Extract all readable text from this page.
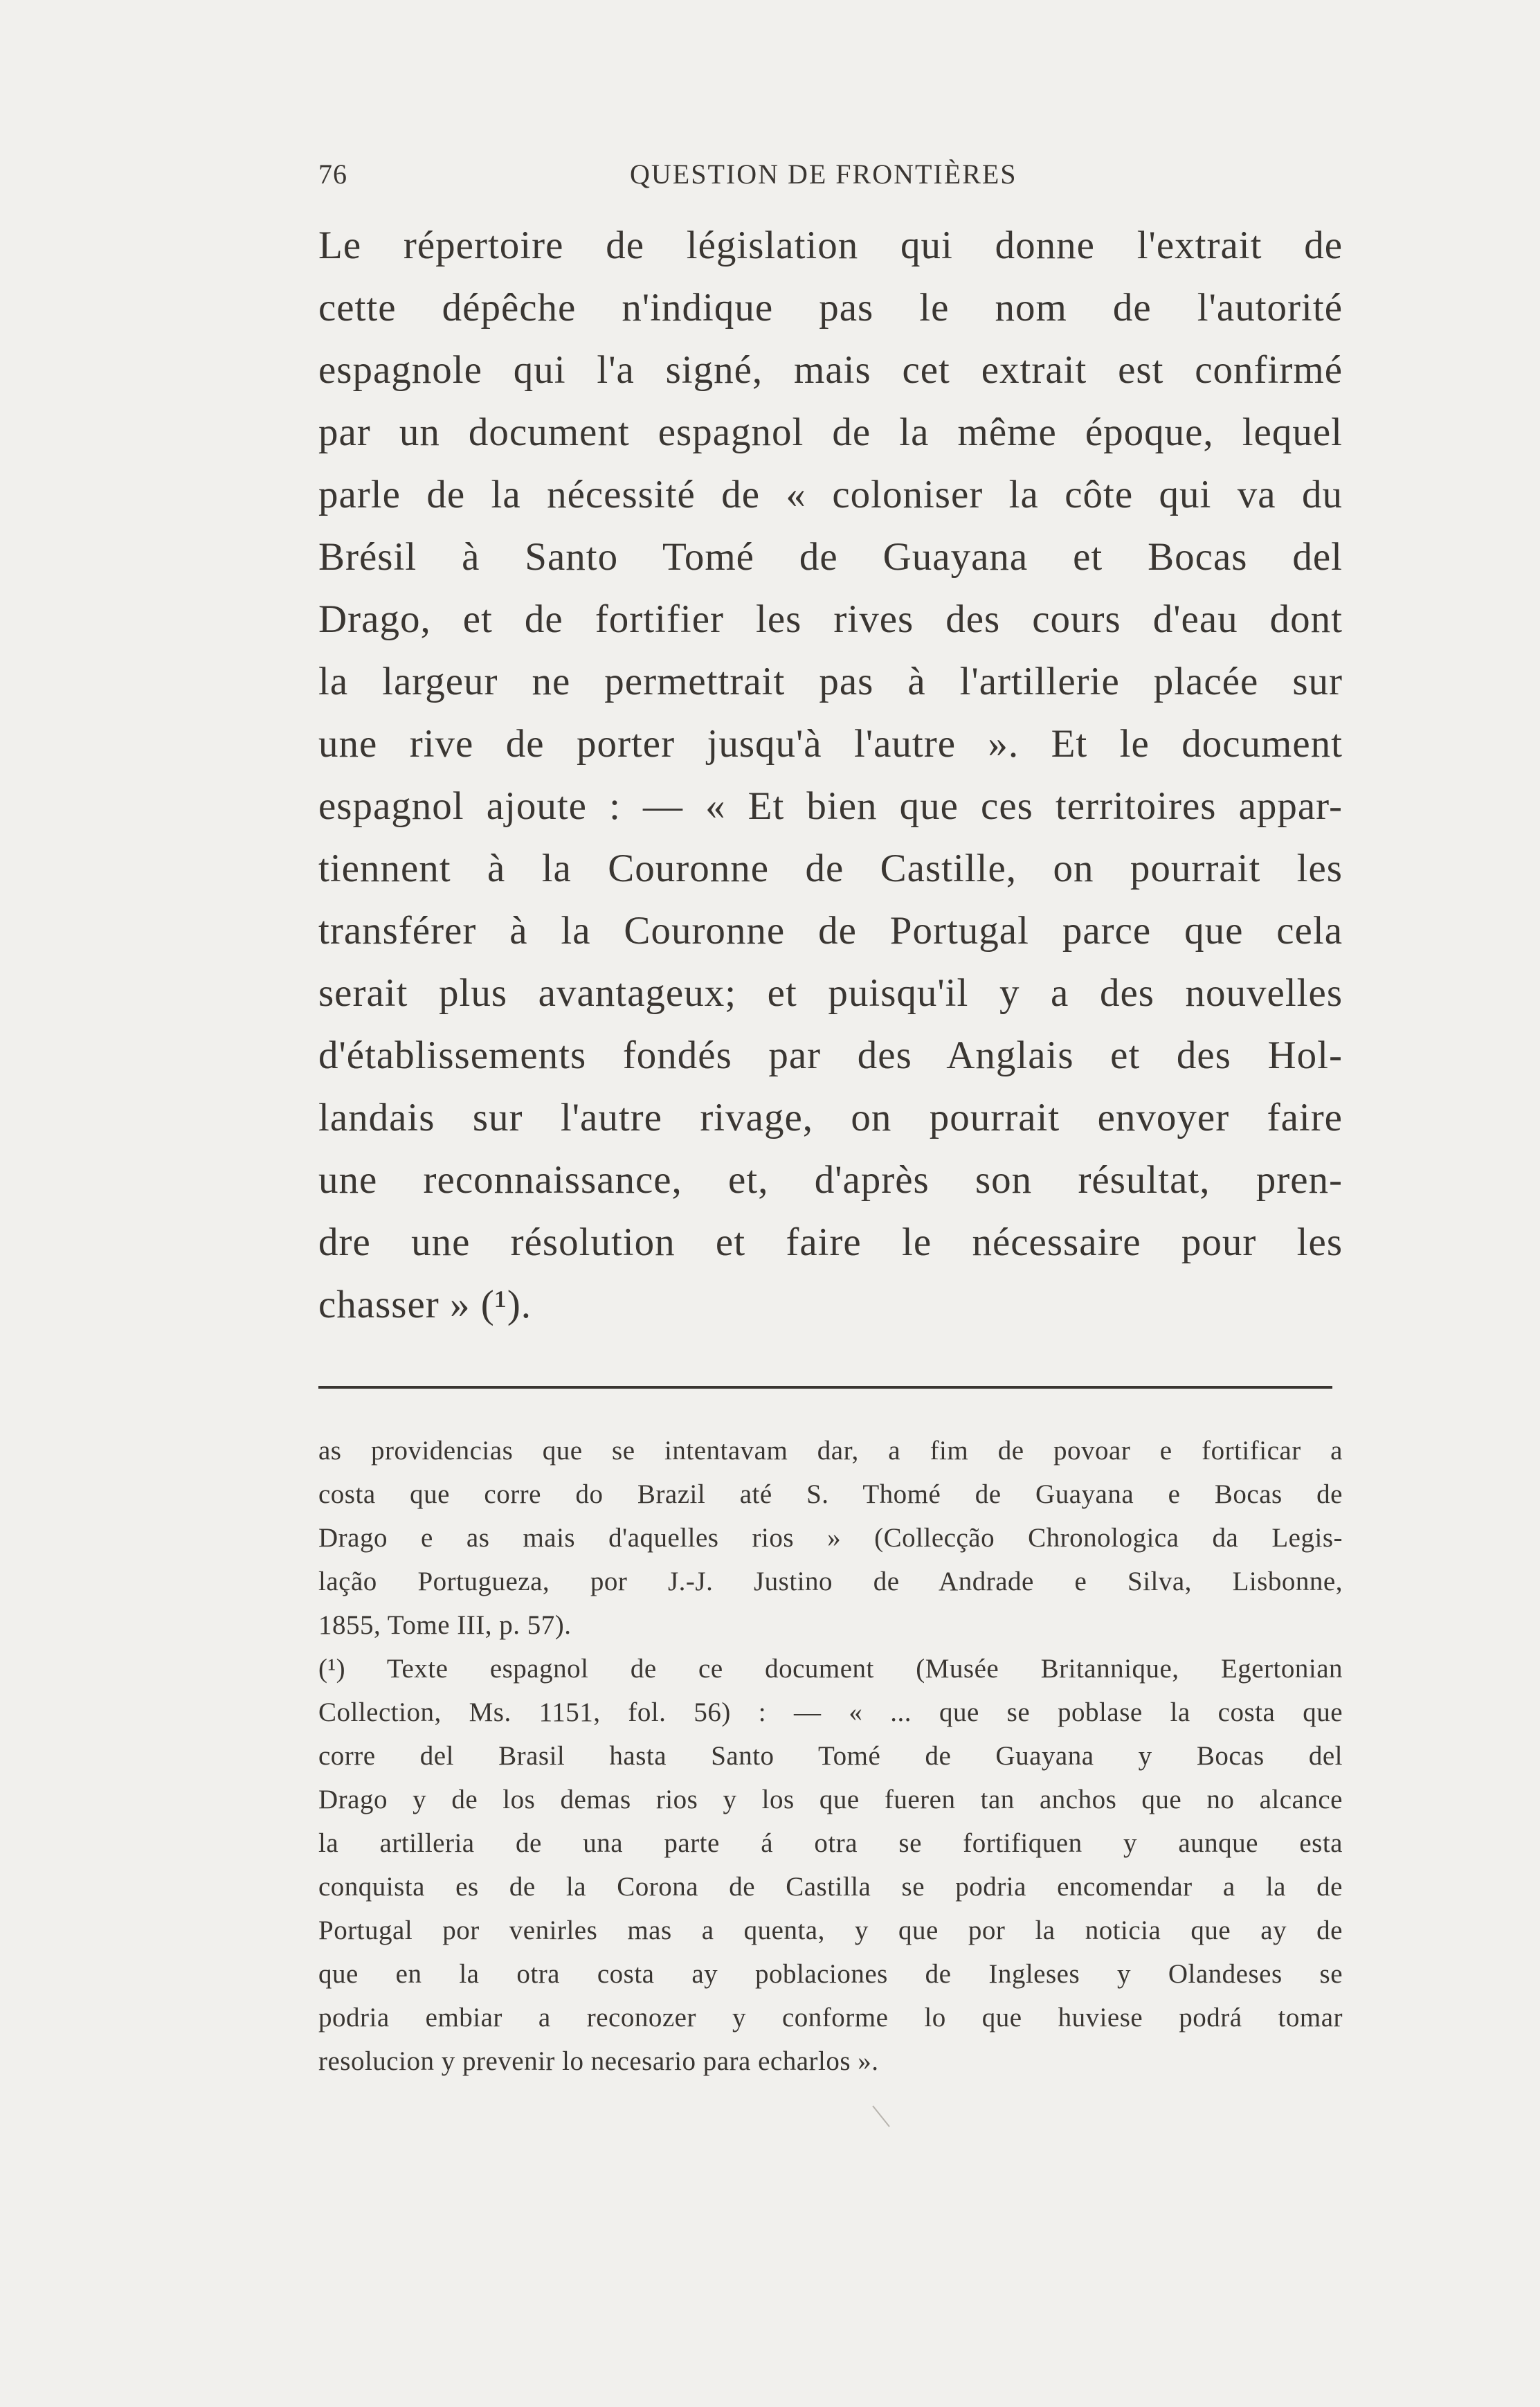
76	QUESTION DE FRONTIÈRES
Le répertoire de législation qui donne l'extrait de
cette dépêche n'indique pas le nom de l'autorité
espagnole qui l'a signé, mais cet extrait est confirmé
par un document espagnol de la même époque, lequel
parle de la nécessité de « coloniser la côte qui va du
Brésil à Santo Tomé de Guayana et Bocas del
Drago, et de fortifier les rives des cours d'eau dont
la largeur ne permettrait pas à l'artillerie placée sur
une rive de porter jusqu'à l'autre ». Et le document
espagnol ajoute : — « Et bien que ces territoires appar-
tiennent à la Couronne de Castille, on pourrait les
transférer à la Couronne de Portugal parce que cela
serait plus avantageux; et puisqu'il y a des nouvelles
d'établissements fondés par des Anglais et des Hol-
landais sur l'autre rivage, on pourrait envoyer faire
une reconnaissance, et, d'après son résultat, pren-
dre une résolution et faire le nécessaire pour les
chasser » (¹).
as providencias que se intentavam dar, a fim de povoar e fortificar a
costa que corre do Brazil até S. Thomé de Guayana e Bocas de
Drago e as mais d'aquelles rios » (Collecção Chronologica da Legis-
lação Portugueza, por J.-J. Justino de Andrade e Silva, Lisbonne,
1855, Tome III, p. 57).
(¹) Texte espagnol de ce document (Musée Britannique, Egertonian
Collection, Ms. 1151, fol. 56) : — « ... que se poblase la costa que
corre del Brasil hasta Santo Tomé de Guayana y Bocas del
Drago y de los demas rios y los que fueren tan anchos que no alcance
la artilleria de una parte á otra se fortifiquen y aunque esta
conquista es de la Corona de Castilla se podria encomendar a la de
Portugal por venirles mas a quenta, y que por la noticia que ay de
que en la otra costa ay poblaciones de Ingleses y Olandeses se
podria embiar a reconozer y conforme lo que huviese podrá tomar
resolucion y prevenir lo necesario para echarlos ».
